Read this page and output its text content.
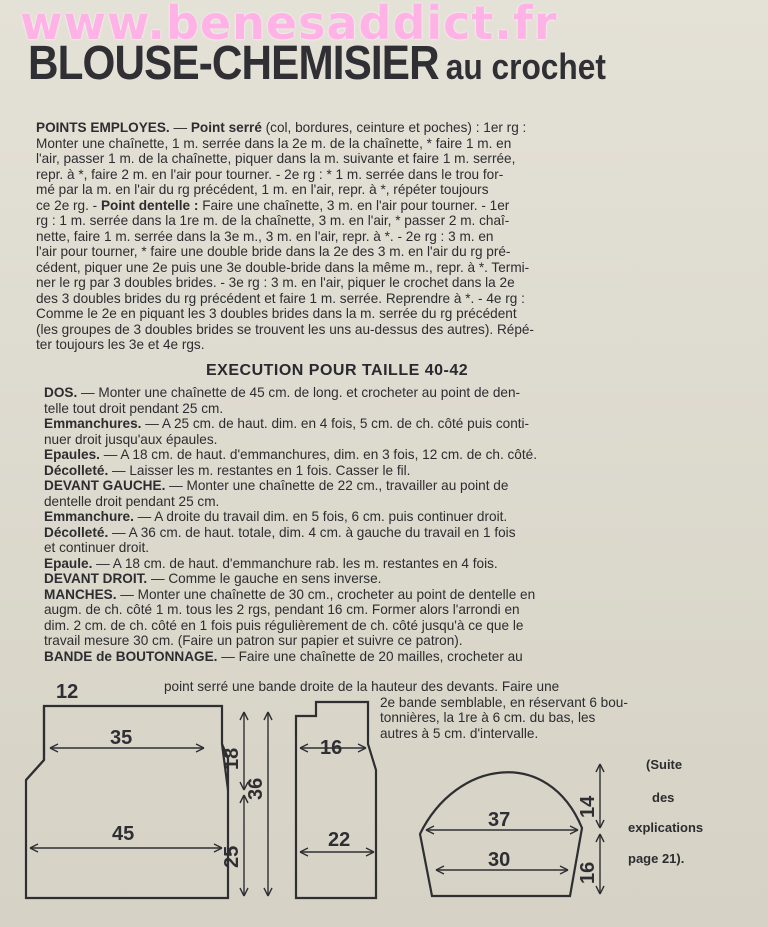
www.benesaddict.fr
BLOUSE-CHEMISIER au crochet
POINTS EMPLOYES. — Point serré (col, bordures, ceinture et poches) : 1er rg :
Monter une chaînette, 1 m. serrée dans la 2e m. de la chaînette, * faire 1 m. en
l'air, passer 1 m. de la chaînette, piquer dans la m. suivante et faire 1 m. serrée,
repr. à *, faire 2 m. en l'air pour tourner. - 2e rg : * 1 m. serrée dans le trou for-
mé par la m. en l'air du rg précédent, 1 m. en l'air, repr. à *, répéter toujours
ce 2e rg. - Point dentelle : Faire une chaînette, 3 m. en l'air pour tourner. - 1er
rg : 1 m. serrée dans la 1re m. de la chaînette, 3 m. en l'air, * passer 2 m. chaî-
nette, faire 1 m. serrée dans la 3e m., 3 m. en l'air, repr. à *. - 2e rg : 3 m. en
l'air pour tourner, * faire une double bride dans la 2e des 3 m. en l'air du rg pré-
cédent, piquer une 2e puis une 3e double-bride dans la même m., repr. à *. Termi-
ner le rg par 3 doubles brides. - 3e rg : 3 m. en l'air, piquer le crochet dans la 2e
des 3 doubles brides du rg précédent et faire 1 m. serrée. Reprendre à *. - 4e rg :
Comme le 2e en piquant les 3 doubles brides dans la m. serrée du rg précédent
(les groupes de 3 doubles brides se trouvent les uns au-dessus des autres). Répé-
ter toujours les 3e et 4e rgs.
EXECUTION POUR TAILLE 40-42
DOS. — Monter une chaînette de 45 cm. de long. et crocheter au point de den-
telle tout droit pendant 25 cm.
Emmanchures. — A 25 cm. de haut. dim. en 4 fois, 5 cm. de ch. côté puis conti-
nuer droit jusqu'aux épaules.
Epaules. — A 18 cm. de haut. d'emmanchures, dim. en 3 fois, 12 cm. de ch. côté.
Décolleté. — Laisser les m. restantes en 1 fois. Casser le fil.
DEVANT GAUCHE. — Monter une chaînette de 22 cm., travailler au point de
dentelle droit pendant 25 cm.
Emmanchure. — A droite du travail dim. en 5 fois, 6 cm. puis continuer droit.
Décolleté. — A 36 cm. de haut. totale, dim. 4 cm. à gauche du travail en 1 fois
et continuer droit.
Epaule. — A 18 cm. de haut. d'emmanchure rab. les m. restantes en 4 fois.
DEVANT DROIT. — Comme le gauche en sens inverse.
MANCHES. — Monter une chaînette de 30 cm., crocheter au point de dentelle en
augm. de ch. côté 1 m. tous les 2 rgs, pendant 16 cm. Former alors l'arrondi en
dim. 2 cm. de ch. côté en 1 fois puis régulièrement de ch. côté jusqu'à ce que le
travail mesure 30 cm. (Faire un patron sur papier et suivre ce patron).
BANDE de BOUTONNAGE. — Faire une chaînette de 20 mailles, crocheter au
point serré une bande droite de la hauteur des devants. Faire une
2e bande semblable, en réservant 6 bou-
tonnières, la 1re à 6 cm. du bas, les
autres à 5 cm. d'intervalle.
(Suite
des
explications
page 21).
12
35
45
18
25
36
16
22
37
30
14
16
